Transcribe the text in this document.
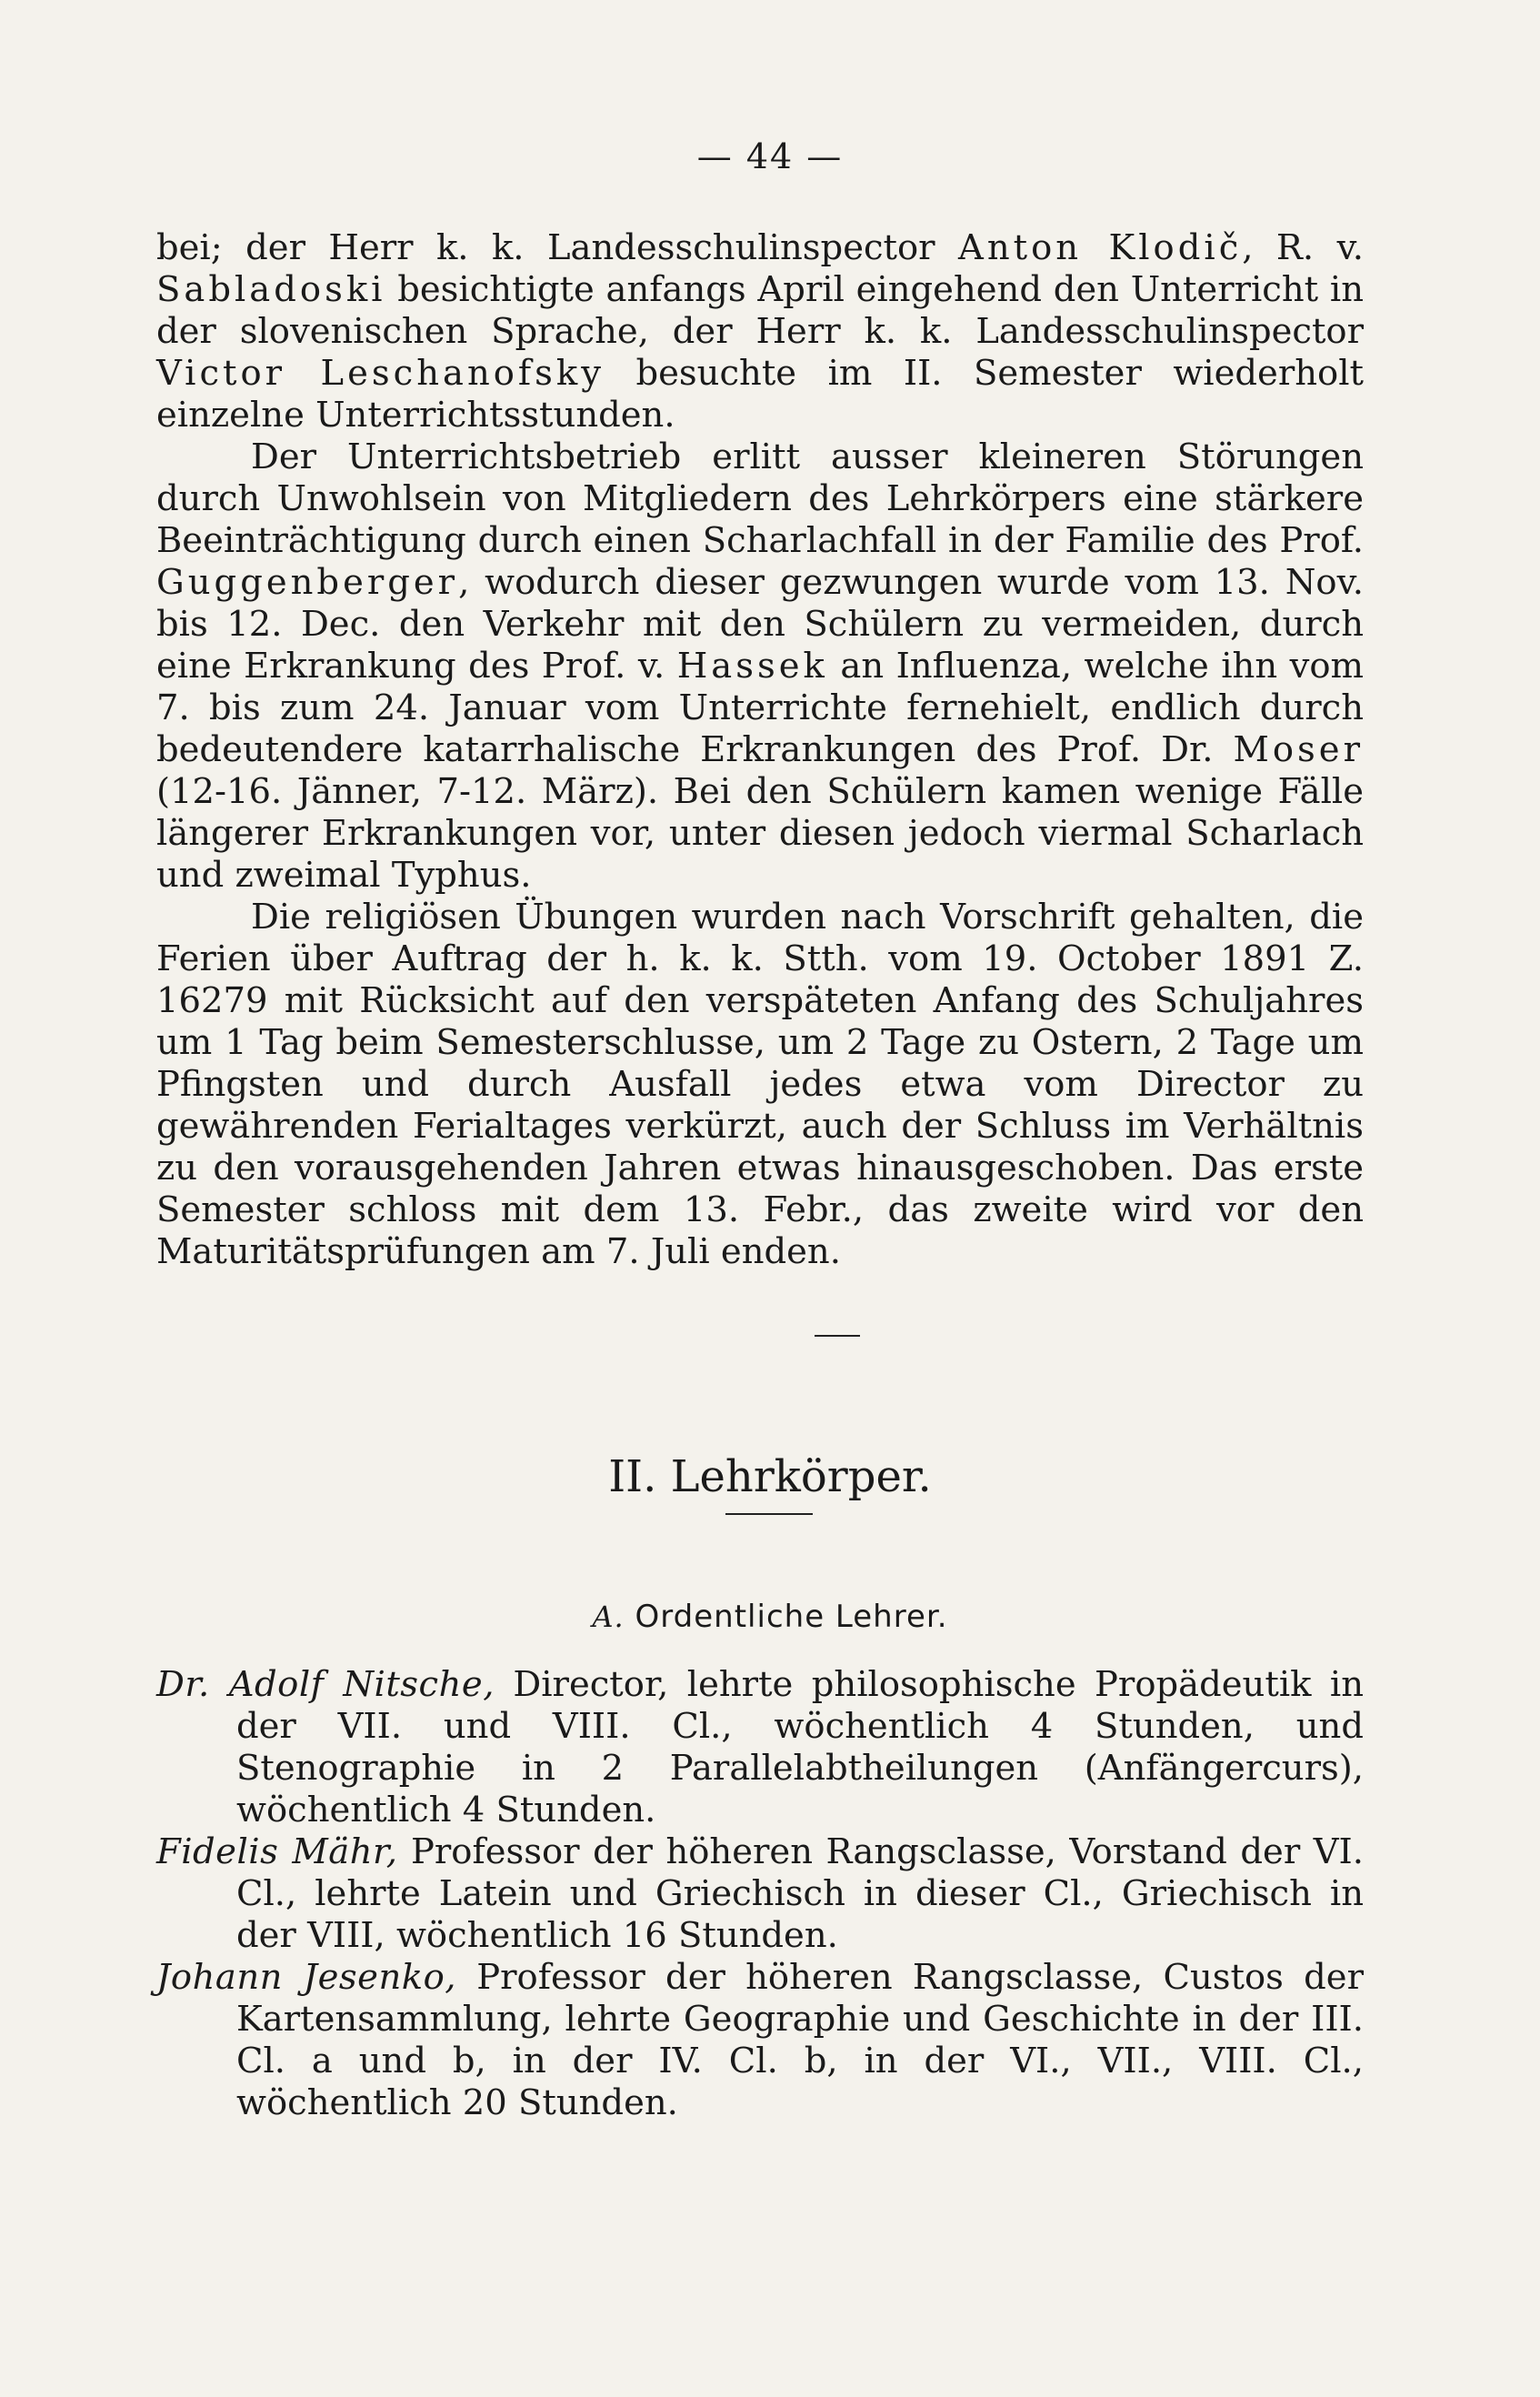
— 44 —

bei; der Herr k. k. Landesschulinspector Anton Klodič, R. v. Sabladoski besichtigte anfangs April eingehend den Unterricht in der slovenischen Sprache, der Herr k. k. Landesschulinspector Victor Leschanofsky besuchte im II. Semester wiederholt einzelne Unterrichtsstunden.

Der Unterrichtsbetrieb erlitt ausser kleineren Störungen durch Unwohlsein von Mitgliedern des Lehrkörpers eine stärkere Beeinträchtigung durch einen Scharlachfall in der Familie des Prof. Guggenberger, wodurch dieser gezwungen wurde vom 13. Nov. bis 12. Dec. den Verkehr mit den Schülern zu vermeiden, durch eine Erkrankung des Prof. v. Hassek an Influenza, welche ihn vom 7. bis zum 24. Januar vom Unterrichte fernehielt, endlich durch bedeutendere katarrhalische Erkrankungen des Prof. Dr. Moser (12-16. Jänner, 7-12. März). Bei den Schülern kamen wenige Fälle längerer Erkrankungen vor, unter diesen jedoch viermal Scharlach und zweimal Typhus.

Die religiösen Übungen wurden nach Vorschrift gehalten, die Ferien über Auftrag der h. k. k. Stth. vom 19. October 1891 Z. 16279 mit Rücksicht auf den verspäteten Anfang des Schuljahres um 1 Tag beim Semesterschlusse, um 2 Tage zu Ostern, 2 Tage um Pfingsten und durch Ausfall jedes etwa vom Director zu gewährenden Ferialtages verkürzt, auch der Schluss im Verhältnis zu den vorausgehenden Jahren etwas hinausgeschoben. Das erste Semester schloss mit dem 13. Febr., das zweite wird vor den Maturitätsprüfungen am 7. Juli enden.

II. Lehrkörper.
A. Ordentliche Lehrer.

Dr. Adolf Nitsche, Director, lehrte philosophische Propädeutik in der VII. und VIII. Cl., wöchentlich 4 Stunden, und Stenographie in 2 Parallelabtheilungen (Anfängercurs), wöchentlich 4 Stunden.

Fidelis Mähr, Professor der höheren Rangsclasse, Vorstand der VI. Cl., lehrte Latein und Griechisch in dieser Cl., Griechisch in der VIII, wöchentlich 16 Stunden.

Johann Jesenko, Professor der höheren Rangsclasse, Custos der Kartensammlung, lehrte Geographie und Geschichte in der III. Cl. a und b, in der IV. Cl. b, in der VI., VII., VIII. Cl., wöchentlich 20 Stunden.
